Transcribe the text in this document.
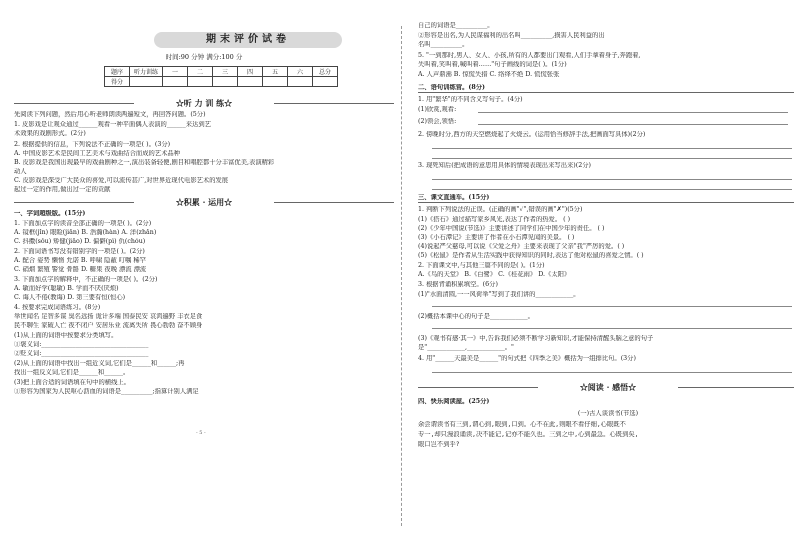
期末评价试卷
时间:90 分钟 满分:100 分
题序	听力训练	一	二	三	四	五	六	总分
得分								
☆听 力 训 练☆
先阅读下列问题，然后用心听老师朗读两遍短文，再回答问题。(5分)
1. 皮影戏是让观众通过______观看一种平面偶人表演的______来达到艺
术效果的戏剧形式。(2分)
2. 根据提供的信息，下列说法不正确的一项是( )。(3分)
A. 中国皮影艺术是民间工艺美术与戏曲结合而成的艺术品种
B. 皮影戏是我国出现最早的戏曲剧种之一,演出装备轻便,剧目和唱腔都十分丰富优美,表演精彩
动人
C. 皮影戏是深受广大民众的喜爱,可以流传甚广,对世界近现代电影艺术的发展
起过一定的作用,做出过一定的贡献
☆积累 · 运用☆
一、字词超级版。(15分)
1. 下面加点字的读音全部正确的一项是( )。(2分)
A. 镜框(jǐn) 眼睑(jiǎn) B. 浩瀚(hàn) A. 洋(zhǎn)
C. 抖擞(sǒu) 矫健(jiǎo) D. 偏僻(pì) 仇(chóu)
2. 下面词语书写没有错别字的一项是( )。(2分)
A. 配合 姿势 懒惰 允诺 B. 呼啸 隐蔽 叮嘱 稀罕
C. 硝烟 繁殖 警觉 骨骼 D. 糖果 夜晚 漂流 漂流
3. 下面加点字的解释中，不正确的一项是( )。(2分)
A. 敏而好学(聪敏) B. 学而不厌(厌烦)
C. 诲人不倦(教诲) D. 第三要有恒(恒心)
4. 按要求完成词语练习。(8分)
举世闻名 足智多谋 臭名远扬 诡计多端 国泰民安 哀鸿遍野 丰衣足食
民不聊生 家破人亡 夜不闭户 安居乐业 流离失所 畏心勃勃 奋不顾身
(1)从上面的词语中按要求分类填写。
①褒义词:__________________________________
②贬义词:__________________________________
(2)从上面的词语中找出一组近义词,它们是______和______;再
找出一组反义词,它们是______和______。
(3)把上面合适的词语填在句中的横线上。
①形容为国家为人民呕心沥血的词语是__________;指算计别人满足
- 5 -
自己的词语是__________。
②形容是出名,为人民谋福利的出名叫__________,损害人民利益的出
名叫__________。
5. "一到那时,男人、女人、小孩,所有的人都要出门观看,人们手拿着身子,奔跑着,
失叫着,笑叫着,喊叫着……"句子画线的词是( )。(1分)
A. 人声鼎沸 B. 惊慌失措 C. 络绎不绝 D. 慌慌张张
二、语句训练营。(8分)
1. 用"繁华"的不同含义写句子。(4分)
(1)欣赏,观看:
(2)领会,领悟:
2. 傍晚时分,西方的天空燃烧起了火烧云。(运用恰当修辞手法,把画面写具体)(2分)
3. 现死知后(把成语的意思用具体的情境表现出来写出来)(2分)
三、课文直通车。(15分)
1. 判断下列说法的正误。(正确的画"✓",错误的画"✗")(5分)
(1)《搭石》通过描写家乡风光,表达了作者的热爱。 ( )
(2)《少年中国说(节选)》主要讲述了同学们在中国少年的责任。 ( )
(3)《小石潭记》主要讲了作者在小石潭见闻的美景。 ( )
(4)说起严父慈母,可以说《父爱之舟》主要来表现了父亲"我"严厉的爱。( )
(5)《松鼠》是作者从生活实践中获得知识的同时,表达了他对松鼠的喜爱之情。( )
2. 下面课文中,与其他三篇不同的是( )。(1分)
A.《鸟的天堂》 B.《白鹭》 C.《桂花雨》 D.《太阳》
3. 根据背诵积累填空。(6分)
(1)"水面清圆,一一风荷举"写到了我们讲的____________。
(2)概括本课中心的句子是____________。
(3)《观书有感·其一》中,告诉我们必须不断学习新知识,才能保持清醒头脑之意的句子
是"____________,____________。"
4. 用"______天最美是______"的句式把《四季之美》概括为一组排比句。(3分)
☆阅读 · 感悟☆
四、快乐阅读屋。(25分)
(一)古人谈读书(节选)
余尝谓读书有三到,谓心到,眼到,口到。心不在此,则眼不看仔细,心眼既不
专一,却只漫浪诵读,决不能记,记亦不能久也。三到之中,心到最急。心既到矣,
眼口岂不到乎?
